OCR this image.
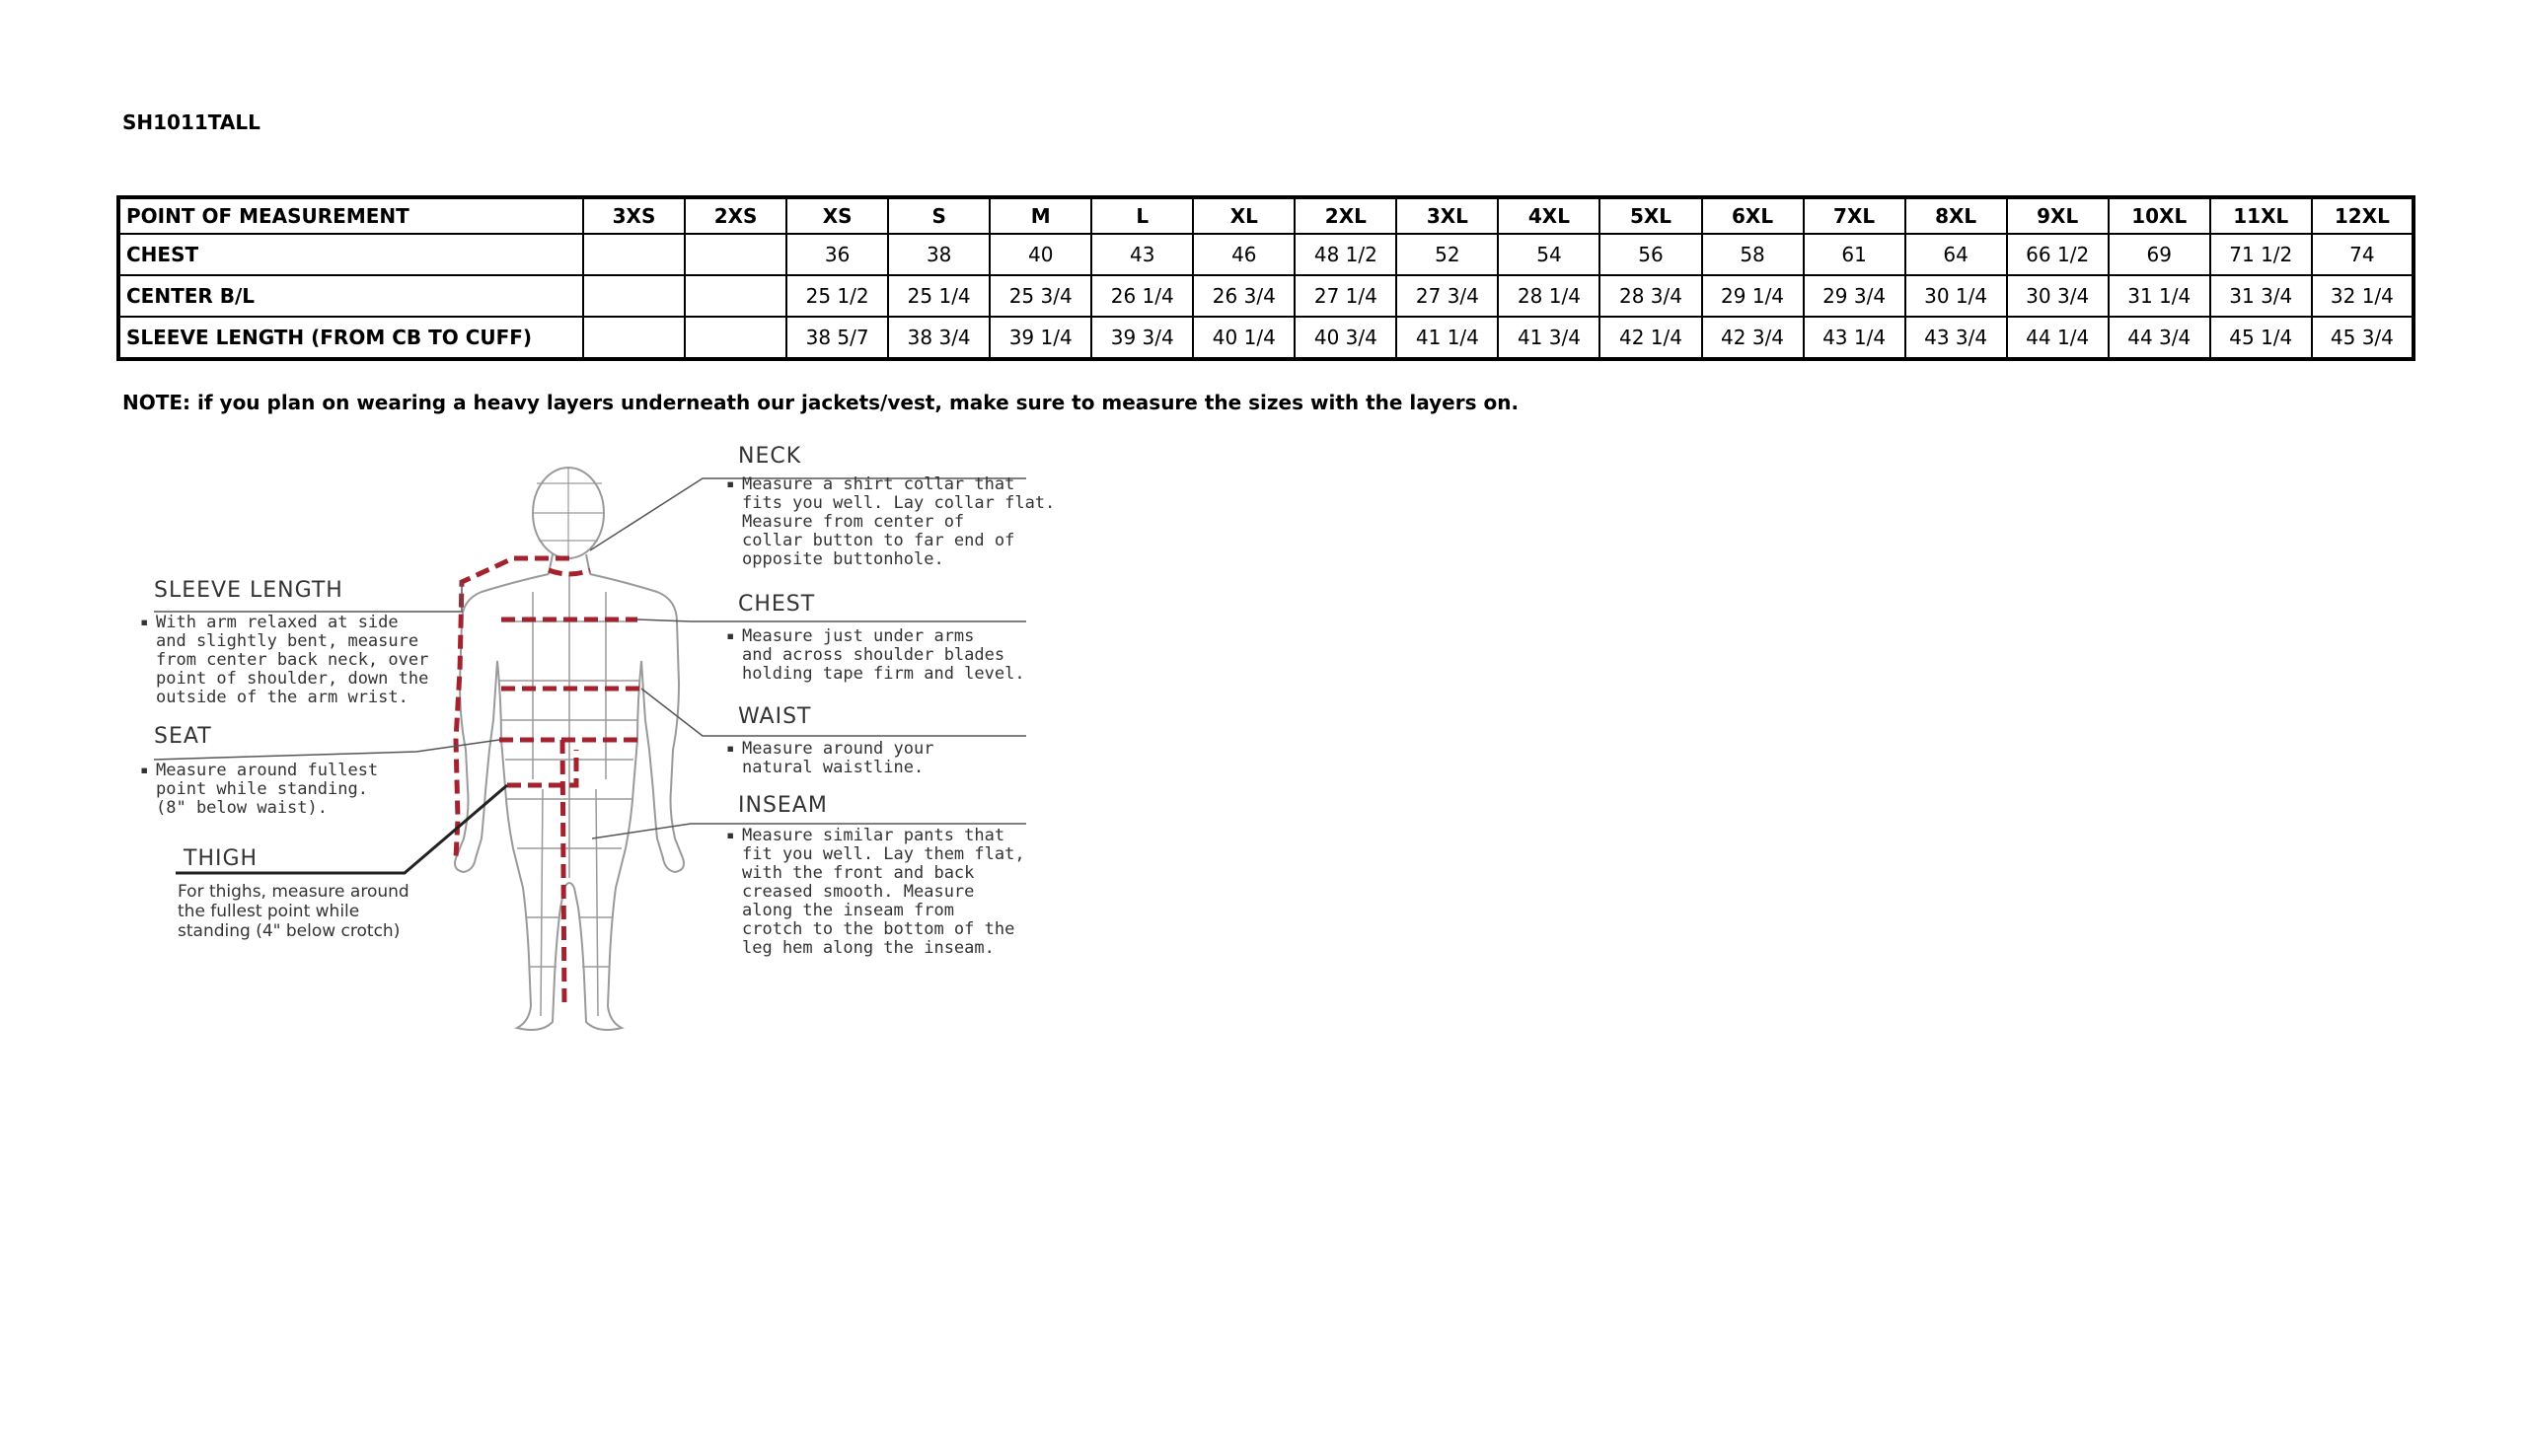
SH1011TALL
POINT OF MEASUREMENT	3XS	2XS	XS	S	M	L	XL	2XL	3XL	4XL	5XL	6XL	7XL	8XL	9XL	10XL	11XL	12XL
CHEST			36	38	40	43	46	48 1/2	52	54	56	58	61	64	66 1/2	69	71 1/2	74
CENTER B/L			25 1/2	25 1/4	25 3/4	26 1/4	26 3/4	27 1/4	27 3/4	28 1/4	28 3/4	29 1/4	29 3/4	30 1/4	30 3/4	31 1/4	31 3/4	32 1/4
SLEEVE LENGTH (FROM CB TO CUFF)			38 5/7	38 3/4	39 1/4	39 3/4	40 1/4	40 3/4	41 1/4	41 3/4	42 1/4	42 3/4	43 1/4	43 3/4	44 1/4	44 3/4	45 1/4	45 3/4
NOTE: if you plan on wearing a heavy layers underneath our jackets/vest, make sure to measure the sizes with the layers on.
NECK
▪ Measure a shirt collar that
fits you well. Lay collar flat.
Measure from center of
collar button to far end of
opposite buttonhole.
CHEST
▪ Measure just under arms
and across shoulder blades
holding tape firm and level.
WAIST
▪ Measure around your
natural waistline.
INSEAM
▪ Measure similar pants that
fit you well. Lay them flat,
with the front and back
creased smooth. Measure
along the inseam from
crotch to the bottom of the
leg hem along the inseam.
SLEEVE LENGTH
▪ With arm relaxed at side
and slightly bent, measure
from center back neck, over
point of shoulder, down the
outside of the arm wrist.
SEAT
▪ Measure around fullest
point while standing.
(8" below waist).
THIGH
For thighs, measure around
the fullest point while
standing (4" below crotch)
